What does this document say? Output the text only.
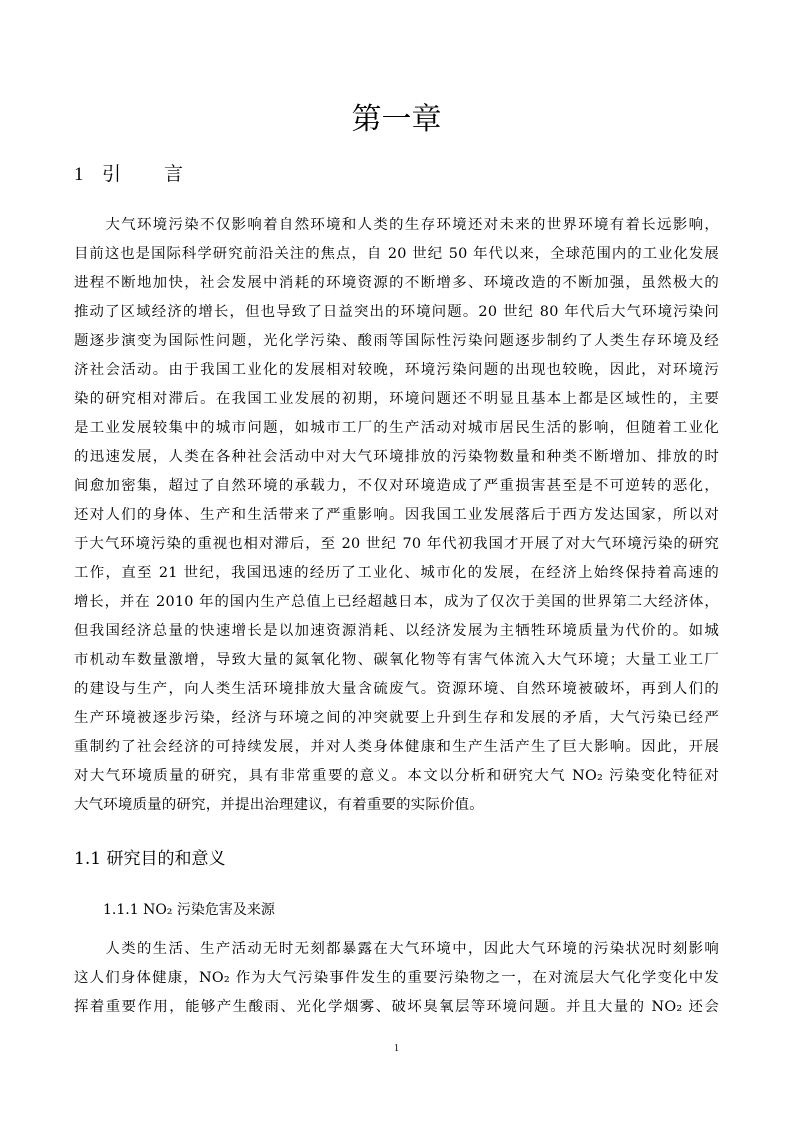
第一章
1 引 言
　　大气环境污染不仅影响着自然环境和人类的生存环境还对未来的世界环境有着长远影响，
目前这也是国际科学研究前沿关注的焦点，自 20 世纪 50 年代以来，全球范围内的工业化发展
进程不断地加快，社会发展中消耗的环境资源的不断增多、环境改造的不断加强，虽然极大的
推动了区域经济的增长，但也导致了日益突出的环境问题。20 世纪 80 年代后大气环境污染问
题逐步演变为国际性问题，光化学污染、酸雨等国际性污染问题逐步制约了人类生存环境及经
济社会活动。由于我国工业化的发展相对较晚，环境污染问题的出现也较晚，因此，对环境污
染的研究相对滞后。在我国工业发展的初期，环境问题还不明显且基本上都是区域性的，主要
是工业发展较集中的城市问题，如城市工厂的生产活动对城市居民生活的影响，但随着工业化
的迅速发展，人类在各种社会活动中对大气环境排放的污染物数量和种类不断增加、排放的时
间愈加密集，超过了自然环境的承载力，不仅对环境造成了严重损害甚至是不可逆转的恶化，
还对人们的身体、生产和生活带来了严重影响。因我国工业发展落后于西方发达国家，所以对
于大气环境污染的重视也相对滞后，至 20 世纪 70 年代初我国才开展了对大气环境污染的研究
工作，直至 21 世纪，我国迅速的经历了工业化、城市化的发展，在经济上始终保持着高速的
增长，并在 2010 年的国内生产总值上已经超越日本，成为了仅次于美国的世界第二大经济体，
但我国经济总量的快速增长是以加速资源消耗、以经济发展为主牺牲环境质量为代价的。如城
市机动车数量激增，导致大量的氮氧化物、碳氧化物等有害气体流入大气环境；大量工业工厂
的建设与生产，向人类生活环境排放大量含硫废气。资源环境、自然环境被破坏，再到人们的
生产环境被逐步污染，经济与环境之间的冲突就要上升到生存和发展的矛盾，大气污染已经严
重制约了社会经济的可持续发展，并对人类身体健康和生产生活产生了巨大影响。因此，开展
对大气环境质量的研究，具有非常重要的意义。本文以分析和研究大气 NO₂ 污染变化特征对
大气环境质量的研究，并提出治理建议，有着重要的实际价值。
1.1 研究目的和意义
1.1.1 NO₂ 污染危害及来源
　　人类的生活、生产活动无时无刻都暴露在大气环境中，因此大气环境的污染状况时刻影响
这人们身体健康，NO₂ 作为大气污染事件发生的重要污染物之一，在对流层大气化学变化中发
挥着重要作用，能够产生酸雨、光化学烟雾、破坏臭氧层等环境问题。并且大量的 NO₂ 还会
1
